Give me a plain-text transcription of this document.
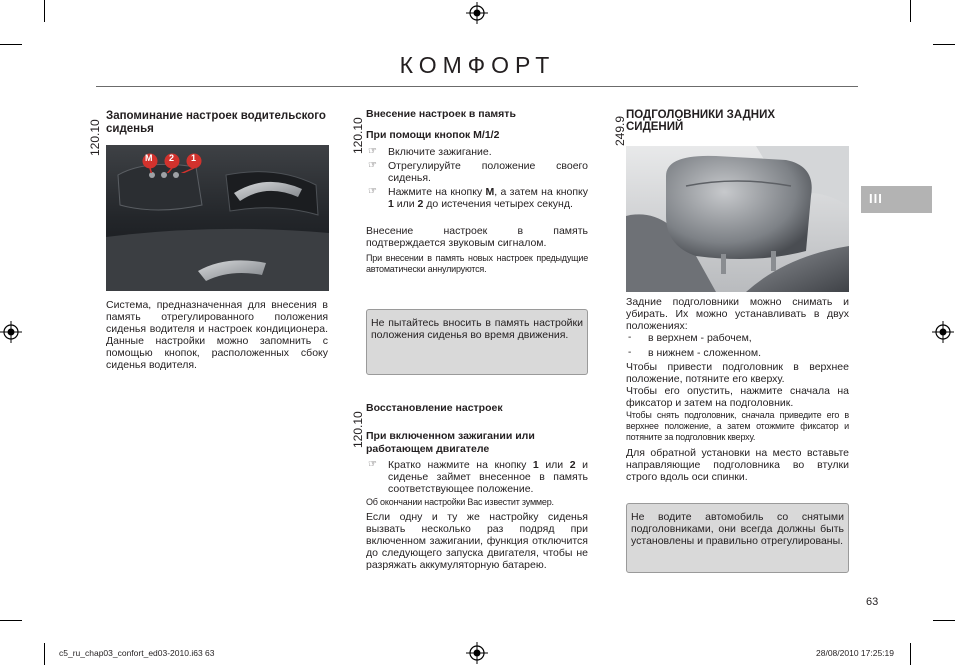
КОМФОРТ
III
120.10
Запоминание настроек водительского сиденья
M 2 1
Система, предназначенная для внесения в память отрегулированного положения сиденья водителя и настроек кондиционера. Данные настройки можно запомнить с помощью кнопок, расположенных сбоку сиденья водителя.
120.10
Внесение настроек в память
При помощи кнопок M/1/2
☞ Включите зажигание.
☞ Отрегулируйте положение своего сиденья.
☞ Нажмите на кнопку M, а затем на кнопку 1 или 2 до истечения четырех секунд.
Внесение настроек в память подтверждается звуковым сигналом.
При внесении в память новых настроек предыдущие автоматически аннулируются.
Не пытайтесь вносить в память настройки положения сиденья во время движения.
120.10
Восстановление настроек
При включенном зажигании или работающем двигателе
☞ Кратко нажмите на кнопку 1 или 2 и сиденье займет внесенное в память соответствующее положение.
Об окончании настройки Вас известит зуммер.
Если одну и ту же настройку сиденья вызвать несколько раз подряд при включенном зажигании, функция отключится до следующего запуска двигателя, чтобы не разряжать аккумуляторную батарею.
249.9
ПОДГОЛОВНИКИ ЗАДНИХ СИДЕНИЙ
Задние подголовники можно снимать и убирать. Их можно устанавливать в двух положениях:
- в верхнем - рабочем,
- в нижнем - сложенном.
Чтобы привести подголовник в верхнее положение, потяните его кверху.
Чтобы его опустить, нажмите сначала на фиксатор и затем на подголовник.
Чтобы снять подголовник, сначала приведите его в верхнее положение, а затем отожмите фиксатор и потяните за подголовник кверху.
Для обратной установки на место вставьте направляющие подголовника во втулки строго вдоль оси спинки.
Не водите автомобиль со снятыми подголовниками, они всегда должны быть установлены и правильно отрегулированы.
63
c5_ru_chap03_confort_ed03-2010.i63 63	28/08/2010 17:25:19
